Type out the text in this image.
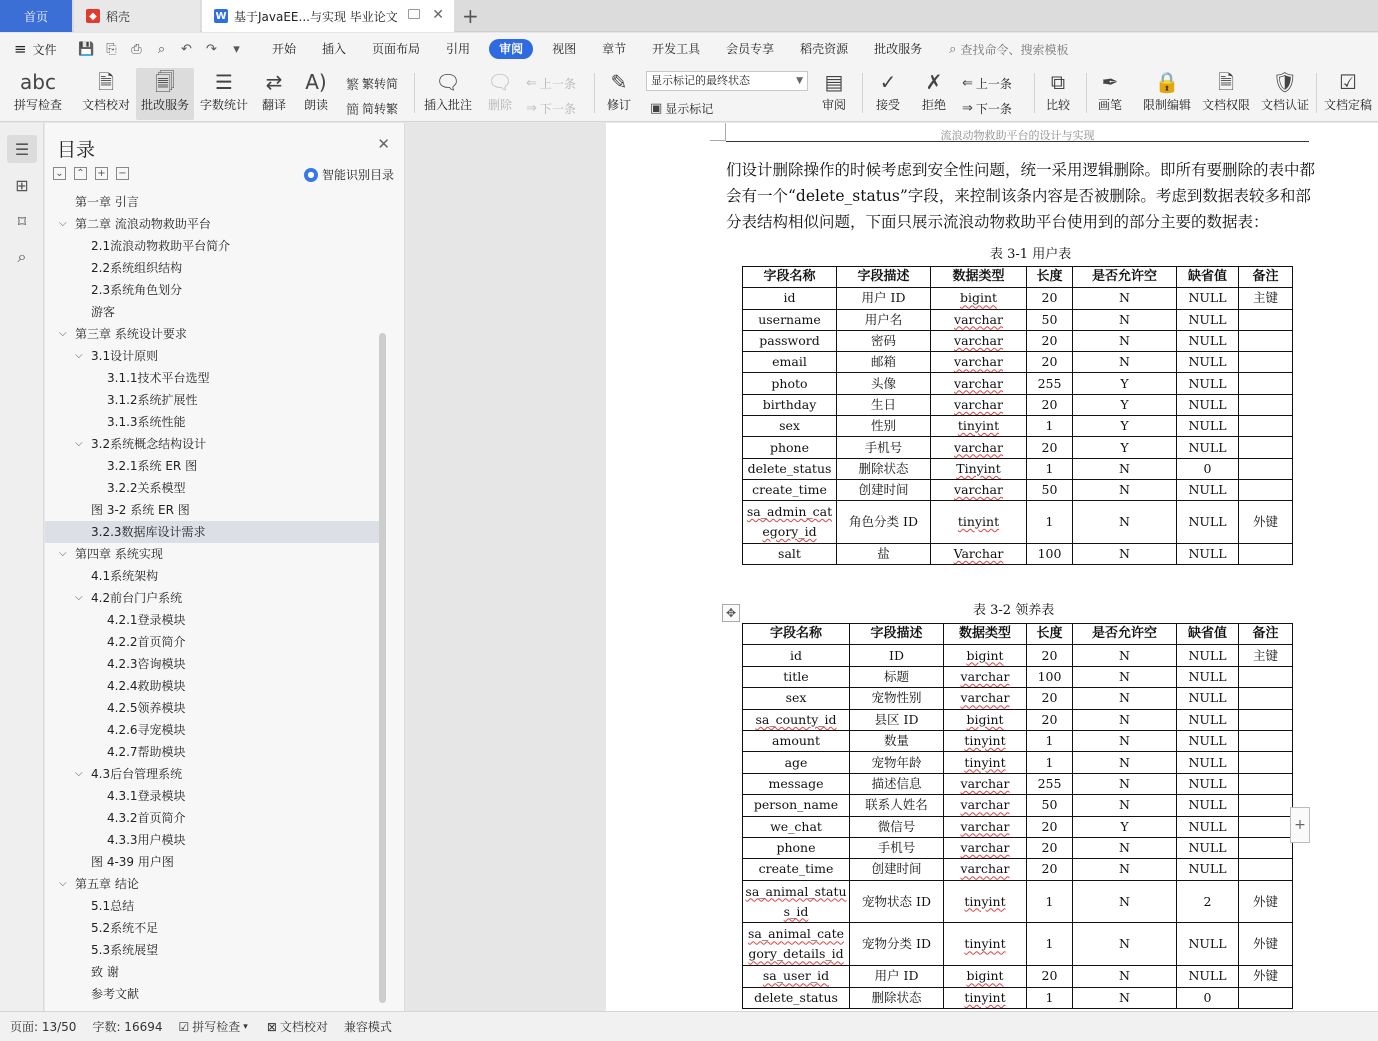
首页	◆ 稻壳	W 基于JavaEE...与实现 毕业论文 ✕ +
≡ 文件 💾 ⎘ ⎙	⌕	↶ ↷	▾	开始	插入	页面布局	引用	审阅	视图	章节	开发工具	会员专享	稻壳资源	批改服务	⌕ 查找命令、搜索模板
abc
拼写检查
🗎
文档校对
🗐
批改服务
☰
字数统计
⇄
翻译
A)
朗读
繁 繁转简
簡 简转繁
🗨
插入批注
🗨
删除
⇐ 上一条
⇒ 下一条
✎
修订
显示标记的最终状态	▼
▣ 显示标记
▤
审阅
✓
接受
✗
拒绝
⇐ 上一条
⇒ 下一条
⧉
比较
✒
画笔
🔒
限制编辑
🗎
文档权限
🛡
文档认证
☑
文档定稿
☰
⊞
⌑
⌕
目录	✕
⌄ ⌃ + −	● 智能识别目录
第一章 引言
⌵ 第二章 流浪动物救助平台
2.1流浪动物救助平台简介
2.2系统组织结构
2.3系统角色划分
游客
⌵ 第三章 系统设计要求
⌵ 3.1设计原则
3.1.1技术平台选型
3.1.2系统扩展性
3.1.3系统性能
⌵ 3.2系统概念结构设计
3.2.1系统 ER 图
3.2.2关系模型
图 3-2 系统 ER 图
3.2.3数据库设计需求
⌵ 第四章 系统实现
4.1系统架构
⌵ 4.2前台门户系统
4.2.1登录模块
4.2.2首页简介
4.2.3咨询模块
4.2.4救助模块
4.2.5领养模块
4.2.6寻宠模块
4.2.7帮助模块
⌵ 4.3后台管理系统
4.3.1登录模块
4.3.2首页简介
4.3.3用户模块
图 4-39 用户图
⌵ 第五章 结论
5.1总结
5.2系统不足
5.3系统展望
致 谢
参考文献
流浪动物救助平台的设计与实现
们设计删除操作的时候考虑到安全性问题，统一采用逻辑删除。即所有要删除的表中都会有一个“delete_status”字段，来控制该条内容是否被删除。考虑到数据表较多和部分表结构相似问题，下面只展示流浪动物救助平台使用到的部分主要的数据表：
表 3-1 用户表
字段名称	字段描述	数据类型	长度	是否允许空	缺省值	备注
id	用户 ID	bigint	20	N	NULL	主键
username	用户名	varchar	50	N	NULL	
password	密码	varchar	20	N	NULL	
email	邮箱	varchar	20	N	NULL	
photo	头像	varchar	255	Y	NULL	
birthday	生日	varchar	20	Y	NULL	
sex	性别	tinyint	1	Y	NULL	
phone	手机号	varchar	20	Y	NULL	
delete_status	删除状态	Tinyint	1	N	0	
create_time	创建时间	varchar	50	N	NULL	

sa_admin_category_id	角色分类 ID	tinyint	1	N	NULL	外键
salt	盐	Varchar	100	N	NULL	
✥	表 3-2 领养表
字段名称	字段描述	数据类型	长度	是否允许空	缺省值	备注
id	ID	bigint	20	N	NULL	主键
title	标题	varchar	100	N	NULL	
sex	宠物性别	varchar	20	N	NULL	
sa_county_id	县区 ID	bigint	20	N	NULL	
amount	数量	tinyint	1	N	NULL	
age	宠物年龄	tinyint	1	N	NULL	
message	描述信息	varchar	255	N	NULL	
person_name	联系人姓名	varchar	50	N	NULL	
we_chat	微信号	varchar	20	Y	NULL	
phone	手机号	varchar	20	N	NULL	
create_time	创建时间	varchar	20	N	NULL	

sa_animal_status_id	宠物状态 ID	tinyint	1	N	2	外键

sa_animal_category_details_id	宠物分类 ID	tinyint	1	N	NULL	外键
sa_user_id	用户 ID	bigint	20	N	NULL	外键
delete_status	删除状态	tinyint	1	N	0	
+
页面: 13/50 字数: 16694 ☑ 拼写检查 ▾ ⊠ 文档校对 兼容模式
